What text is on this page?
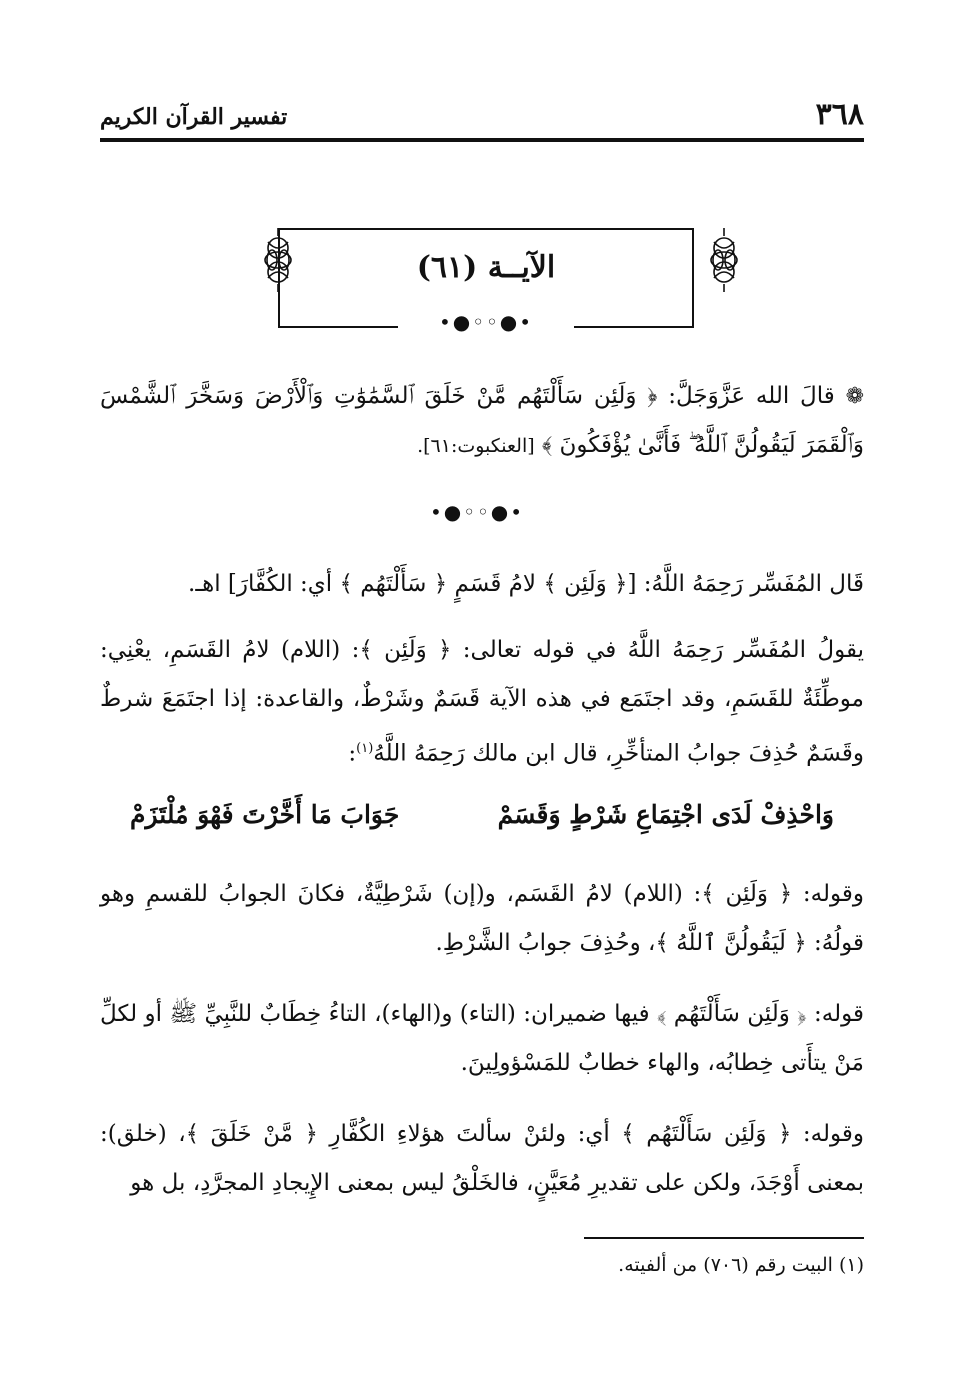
٣٦٨
تفسير القرآن الكريم
الآيــة (٦١)
•●◦◦●•
❁ قالَ الله عَزَّوَجَلَّ: ﴿ وَلَئِن سَأَلْتَهُم مَّنْ خَلَقَ ٱلسَّمَٰوَٰتِ وَٱلْأَرْضَ وَسَخَّرَ ٱلشَّمْسَ وَٱلْقَمَرَ لَيَقُولُنَّ ٱللَّهُ ۖ فَأَنَّىٰ يُؤْفَكُونَ ﴾ [العنكبوت:٦١].
•●◦◦●•
قَال المُفَسِّر رَحِمَهُ اللَّهُ: [﴿ وَلَئِن ﴾ لامُ قَسَمٍ ﴿ سَأَلْتَهُم ﴾ أي: الكُفَّارَ] اهـ.
يقولُ المُفَسِّر رَحِمَهُ اللَّهُ في قوله تعالى: ﴿ وَلَئِن ﴾: (اللام) لامُ القَسَمِ، يعْنِي: موطِّئَةٌ للقَسَمِ، وقد اجتَمَع في هذه الآية قَسَمٌ وشَرْطٌ، والقاعدة: إذا اجتَمَعَ شرطٌ وقَسَمٌ حُذِفَ جوابُ المتأخِّرِ، قال ابن مالك رَحِمَهُ اللَّهُ$^{(١)}$:
وَاحْذِفْ لَدَى اجْتِمَاعِ شَرْطٍ وَقَسَمْ
جَوَابَ مَا أَخَّرْتَ فَهْوَ مُلْتَزَمْ
وقوله: ﴿ وَلَئِن ﴾: (اللام) لامُ القَسَم، و(إن) شَرْطِيَّةٌ، فكانَ الجوابُ للقسمِ وهو قولُهُ: ﴿ لَيَقُولُنَّ ٱللَّهُ ﴾، وحُذِفَ جوابُ الشَّرْطِ.
قوله: ﴿ وَلَئِن سَأَلْتَهُم ﴾ فيها ضميران: (التاء) و(الهاء)، التاءُ خِطَابٌ للنَّبِيِّ ﷺ أو لكلِّ مَنْ يتأَتى خِطابُه، والهاء خطابٌ للمَسْؤولِينَ.
وقوله: ﴿ وَلَئِن سَأَلْتَهُم ﴾ أي: ولئنْ سألتَ هؤلاءِ الكُفَّارِ ﴿ مَّنْ خَلَقَ ﴾، (خلق): بمعنى أَوْجَدَ، ولكن على تقديرِ مُعَيَّنٍ، فالخَلْقُ ليس بمعنى الإِيجادِ المجرَّدِ، بل هو
(١) البيت رقم (٧٠٦) من ألفيته.
